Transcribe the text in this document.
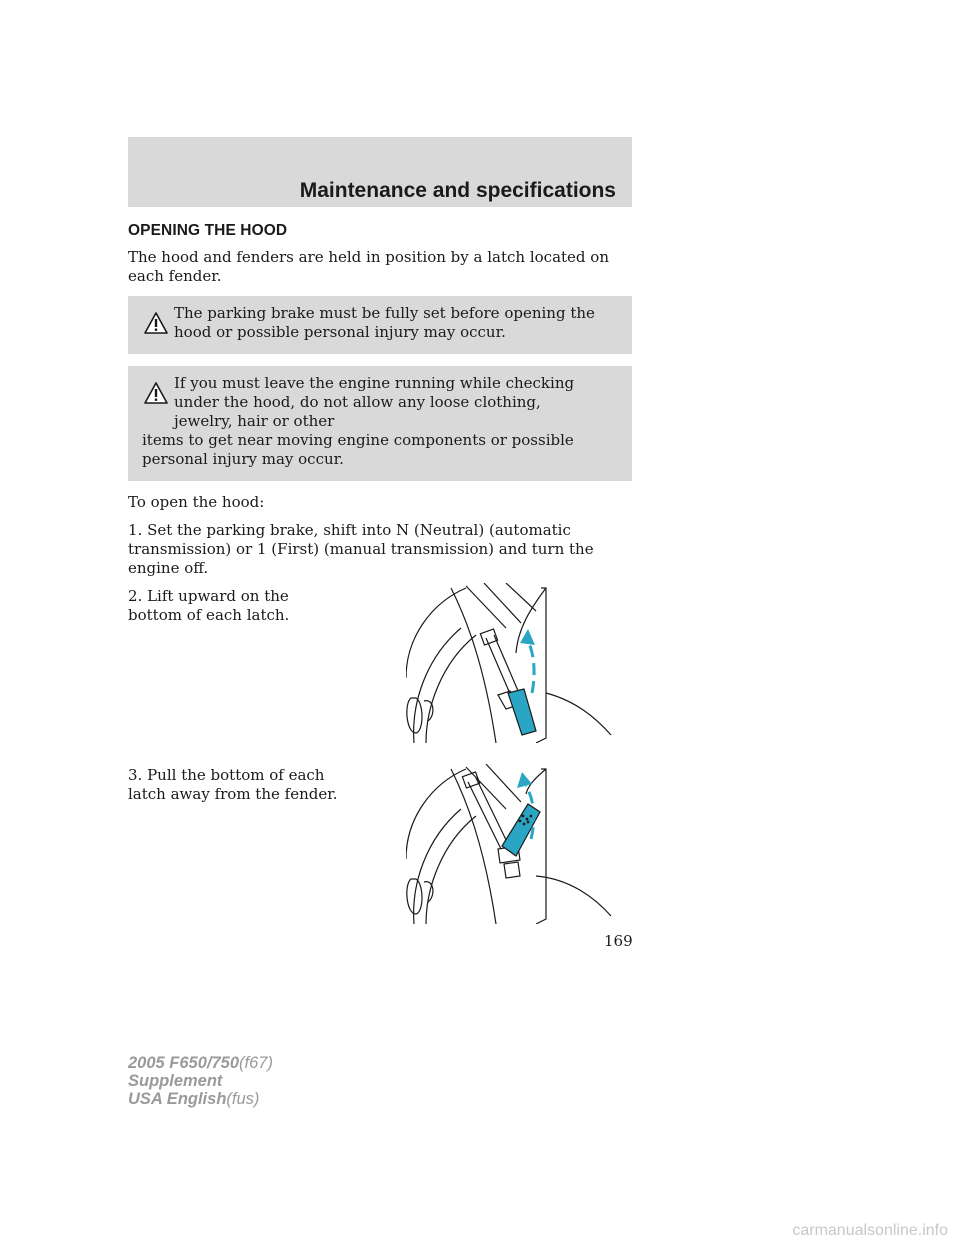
Maintenance and specifications
OPENING THE HOOD

The hood and fenders are held in position by a latch located on each fender.

The parking brake must be fully set before opening the hood or possible personal injury may occur.

If you must leave the engine running while checking under the hood, do not allow any loose clothing, jewelry, hair or other

items to get near moving engine components or possible personal injury may occur.

To open the hood:

1. Set the parking brake, shift into N (Neutral) (automatic transmission) or 1 (First) (manual transmission) and turn the engine off.

2. Lift upward on the bottom of each latch.
3. Pull the bottom of each latch away from the fender.
169
2005 F650/750(f67)
Supplement
USA English(fus)
carmanualsonline.info
